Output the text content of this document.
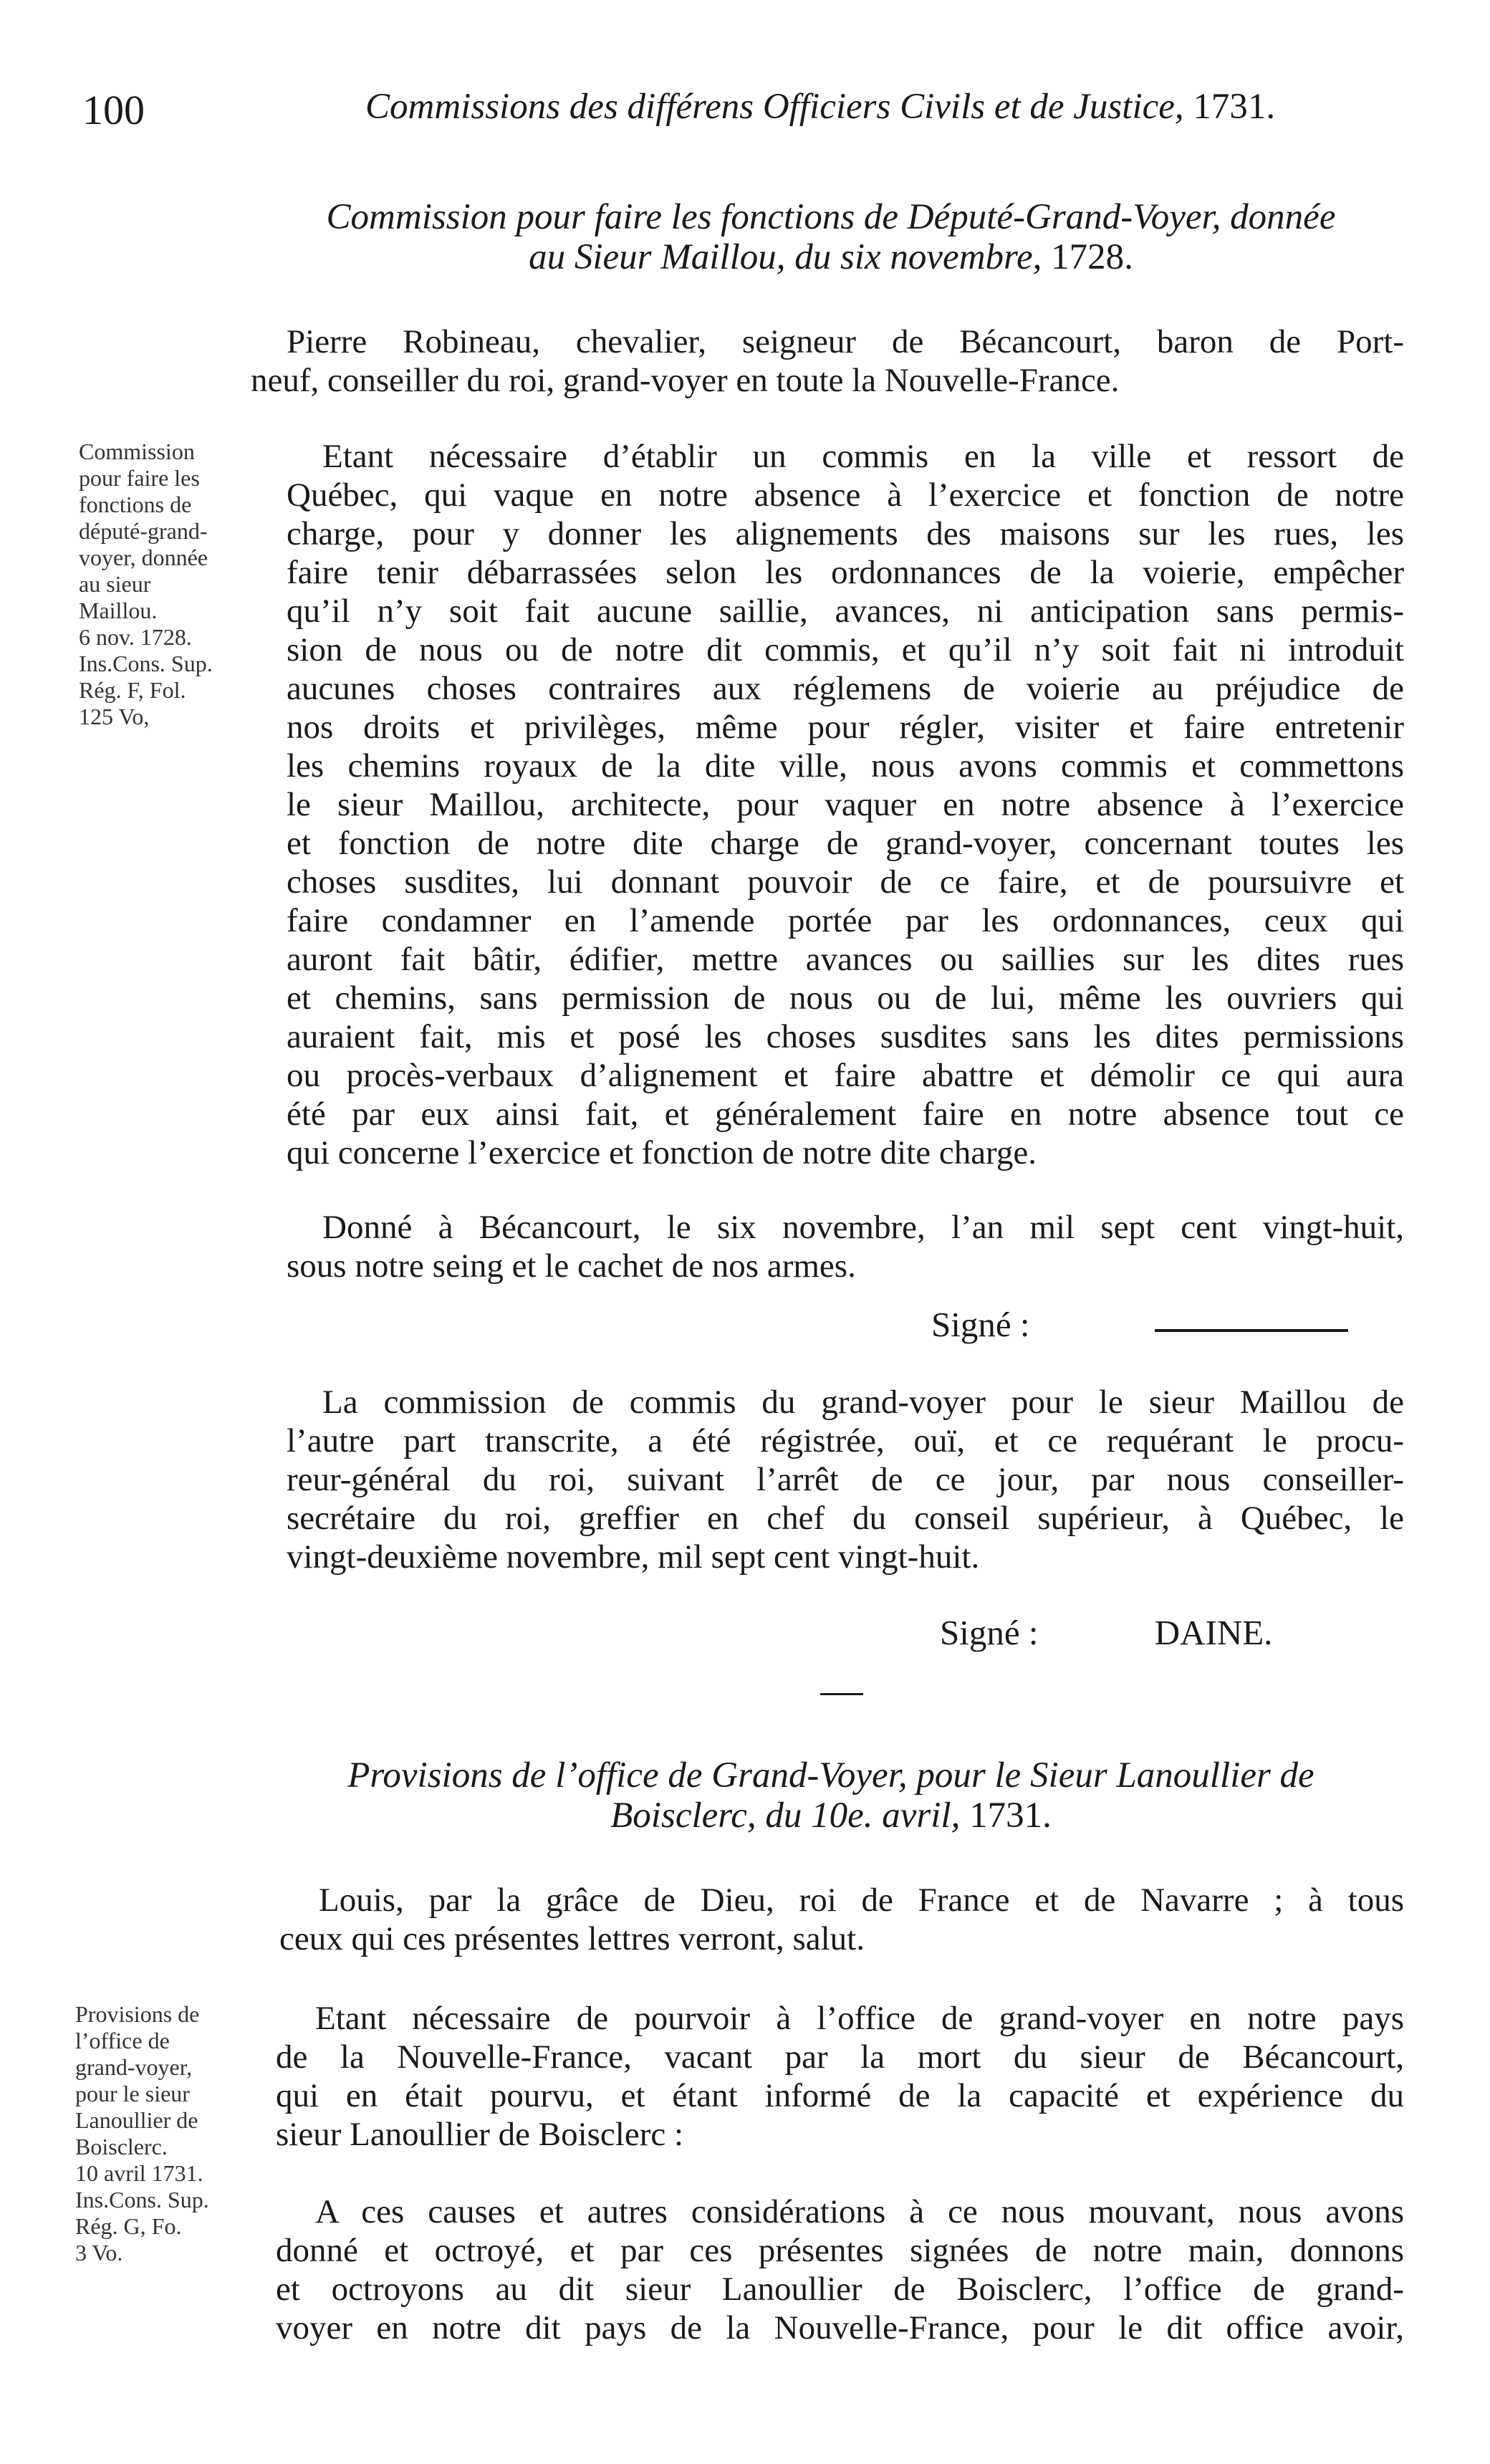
100	Commissions des différens Officiers Civils et de Justice, 1731.
Commission pour faire les fonctions de Député-Grand-Voyer, donnée
au Sieur Maillou, du six novembre, 1728.
Pierre Robineau, chevalier, seigneur de Bécancourt, baron de Port-
neuf, conseiller du roi, grand-voyer en toute la Nouvelle-France.
Commission
pour faire les
fonctions de
député-grand-
voyer, donnée
au sieur
Maillou.
6 nov. 1728.
Ins.Cons. Sup.
Rég. F, Fol.
125 Vo,
Etant nécessaire d’établir un commis en la ville et ressort de
Québec, qui vaque en notre absence à l’exercice et fonction de notre
charge, pour y donner les alignements des maisons sur les rues, les
faire tenir débarrassées selon les ordonnances de la voierie, empêcher
qu’il n’y soit fait aucune saillie, avances, ni anticipation sans permis-
sion de nous ou de notre dit commis, et qu’il n’y soit fait ni introduit
aucunes choses contraires aux réglemens de voierie au préjudice de
nos droits et privilèges, même pour régler, visiter et faire entretenir
les chemins royaux de la dite ville, nous avons commis et commettons
le sieur Maillou, architecte, pour vaquer en notre absence à l’exercice
et fonction de notre dite charge de grand-voyer, concernant toutes les
choses susdites, lui donnant pouvoir de ce faire, et de poursuivre et
faire condamner en l’amende portée par les ordonnances, ceux qui
auront fait bâtir, édifier, mettre avances ou saillies sur les dites rues
et chemins, sans permission de nous ou de lui, même les ouvriers qui
auraient fait, mis et posé les choses susdites sans les dites permissions
ou procès-verbaux d’alignement et faire abattre et démolir ce qui aura
été par eux ainsi fait, et généralement faire en notre absence tout ce
qui concerne l’exercice et fonction de notre dite charge.
Donné à Bécancourt, le six novembre, l’an mil sept cent vingt-huit,
sous notre seing et le cachet de nos armes.
Signé :
La commission de commis du grand-voyer pour le sieur Maillou de
l’autre part transcrite, a été régistrée, ouï, et ce requérant le procu-
reur-général du roi, suivant l’arrêt de ce jour, par nous conseiller-
secrétaire du roi, greffier en chef du conseil supérieur, à Québec, le
vingt-deuxième novembre, mil sept cent vingt-huit.
Signé :	DAINE.
Provisions de l’office de Grand-Voyer, pour le Sieur Lanoullier de
Boisclerc, du 10e. avril, 1731.
Louis, par la grâce de Dieu, roi de France et de Navarre ; à tous
ceux qui ces présentes lettres verront, salut.
Provisions de
l’office de
grand-voyer,
pour le sieur
Lanoullier de
Boisclerc.
10 avril 1731.
Ins.Cons. Sup.
Rég. G, Fo.
3 Vo.
Etant nécessaire de pourvoir à l’office de grand-voyer en notre pays
de la Nouvelle-France, vacant par la mort du sieur de Bécancourt,
qui en était pourvu, et étant informé de la capacité et expérience du
sieur Lanoullier de Boisclerc :
A ces causes et autres considérations à ce nous mouvant, nous avons
donné et octroyé, et par ces présentes signées de notre main, donnons
et octroyons au dit sieur Lanoullier de Boisclerc, l’office de grand-
voyer en notre dit pays de la Nouvelle-France, pour le dit office avoir,
